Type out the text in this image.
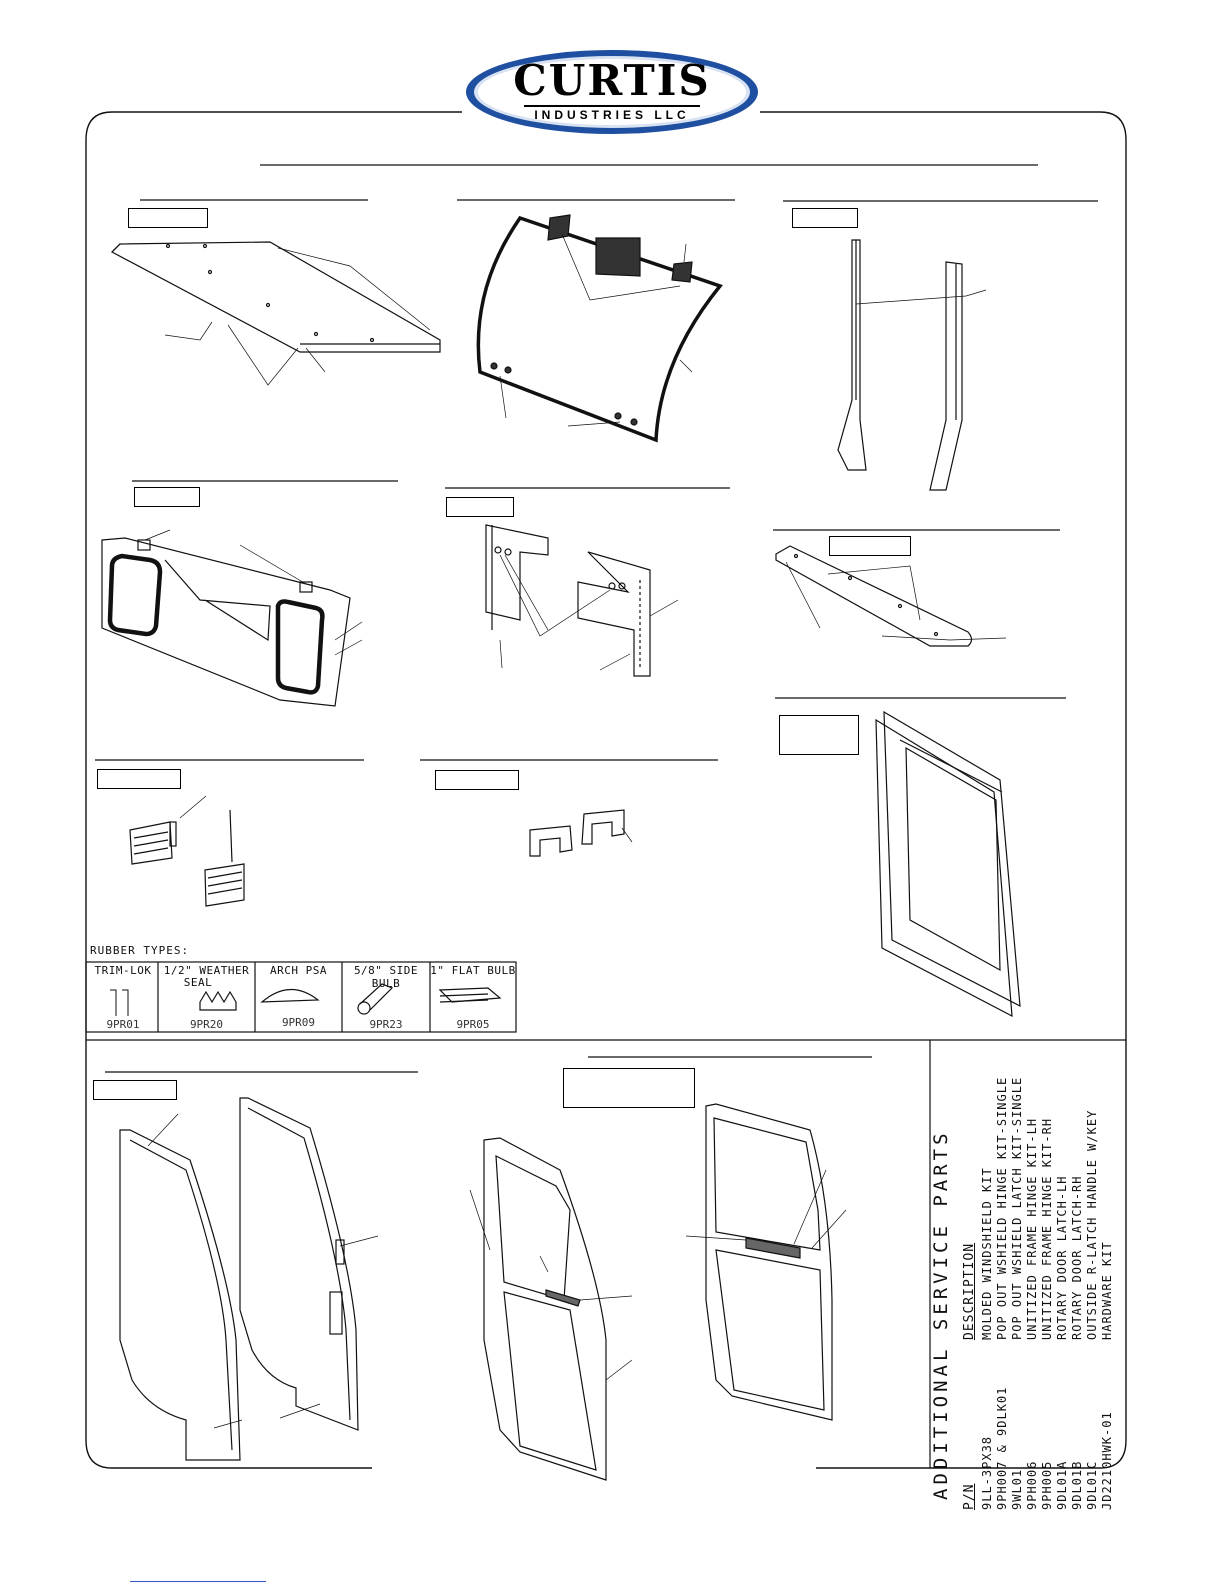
CURTIS
INDUSTRIES LLC
RUBBER TYPES:
TRIM-LOK
9PR01
1/2" WEATHER
SEAL
9PR20
ARCH PSA
9PR09
5/8" SIDE BULB
9PR23
1" FLAT BULB
9PR05
ADDITIONAL SERVICE PARTS P/N
DESCRIPTION
9LL-3PX38
MOLDED WINDSHIELD KIT
9PH007 & 9DLK01
POP OUT WSHIELD HINGE KIT-SINGLE
9WL01
POP OUT WSHIELD LATCH KIT-SINGLE
9PH006
UNITIZED FRAME HINGE KIT-LH
9PH005
UNITIZED FRAME HINGE KIT-RH
9DL01A
ROTARY DOOR LATCH-LH
9DL01B
ROTARY DOOR LATCH-RH
9DL01C
OUTSIDE R-LATCH HANDLE W/KEY
JD2210HWK-01
HARDWARE KIT
